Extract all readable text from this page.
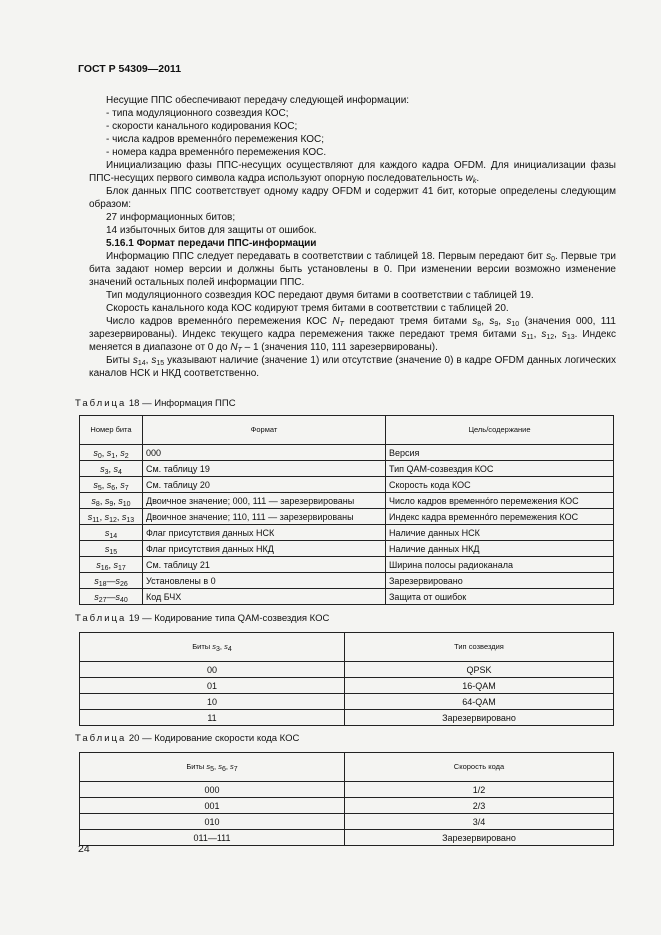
ГОСТ Р 54309—2011

Несущие ППС обеспечивают передачу следующей информации:

- типа модуляционного созвездия КОС;

- скорости канального кодирования КОС;

- числа кадров временно́го перемежения КОС;

- номера кадра временно́го перемежения КОС.

Инициализацию фазы ППС-несущих осуществляют для каждого кадра OFDM. Для инициализации фазы ППС-несущих первого символа кадра используют опорную последовательность $w_k$.

Блок данных ППС соответствует одному кадру OFDM и содержит 41 бит, которые определены следующим образом:

27 информационных битов;

14 избыточных битов для защиты от ошибок.

5.16.1 Формат передачи ППС-информации

Информацию ППС следует передавать в соответствии с таблицей 18. Первым передают бит $s_0$. Первые три бита задают номер версии и должны быть установлены в 0. При изменении версии возможно изменение значений остальных полей информации ППС.

Тип модуляционного созвездия КОС передают двумя битами в соответствии с таблицей 19.

Скорость канального кода КОС кодируют тремя битами в соответствии с таблицей 20.

Число кадров временно́го перемежения КОС $N_T$ передают тремя битами $s_8$, $s_9$, $s_{10}$ (значения 000, 111 зарезервированы). Индекс текущего кадра перемежения также передают тремя битами $s_{11}$, $s_{12}$, $s_{13}$. Индекс меняется в диапазоне от 0 до $N_T - 1$ (значения 110, 111 зарезервированы).

Биты $s_{14}$, $s_{15}$ указывают наличие (значение 1) или отсутствие (значение 0) в кадре OFDM данных логических каналов НСК и НКД соответственно.

Таблица 18 — Информация ППС

Номер бита	Формат	Цель/содержание
$s_0$, $s_1$, $s_2$	000	Версия
$s_3$, $s_4$	См. таблицу 19	Тип QAM-созвездия КОС
$s_5$, $s_6$, $s_7$	См. таблицу 20	Скорость кода КОС
$s_8$, $s_9$, $s_{10}$	Двоичное значение; 000, 111 — зарезервированы	Число кадров временно́го перемежения КОС
$s_{11}$, $s_{12}$, $s_{13}$	Двоичное значение; 110, 111 — зарезервированы	Индекс кадра временно́го перемежения КОС
$s_{14}$	Флаг присутствия данных НСК	Наличие данных НСК
$s_{15}$	Флаг присутствия данных НКД	Наличие данных НКД
$s_{16}$, $s_{17}$	См. таблицу 21	Ширина полосы радиоканала
$s_{18}—s_{26}$	Установлены в 0	Зарезервировано
$s_{27}—s_{40}$	Код БЧХ	Защита от ошибок

Таблица 19 — Кодирование типа QAM-созвездия КОС

Биты $s_3$, $s_4$	Тип созвездия
00	QPSK
01	16-QAM
10	64-QAM
11	Зарезервировано

Таблица 20 — Кодирование скорости кода КОС

Биты $s_5$, $s_6$, $s_7$	Скорость кода
000	1/2
001	2/3
010	3/4
011—111	Зарезервировано
24
